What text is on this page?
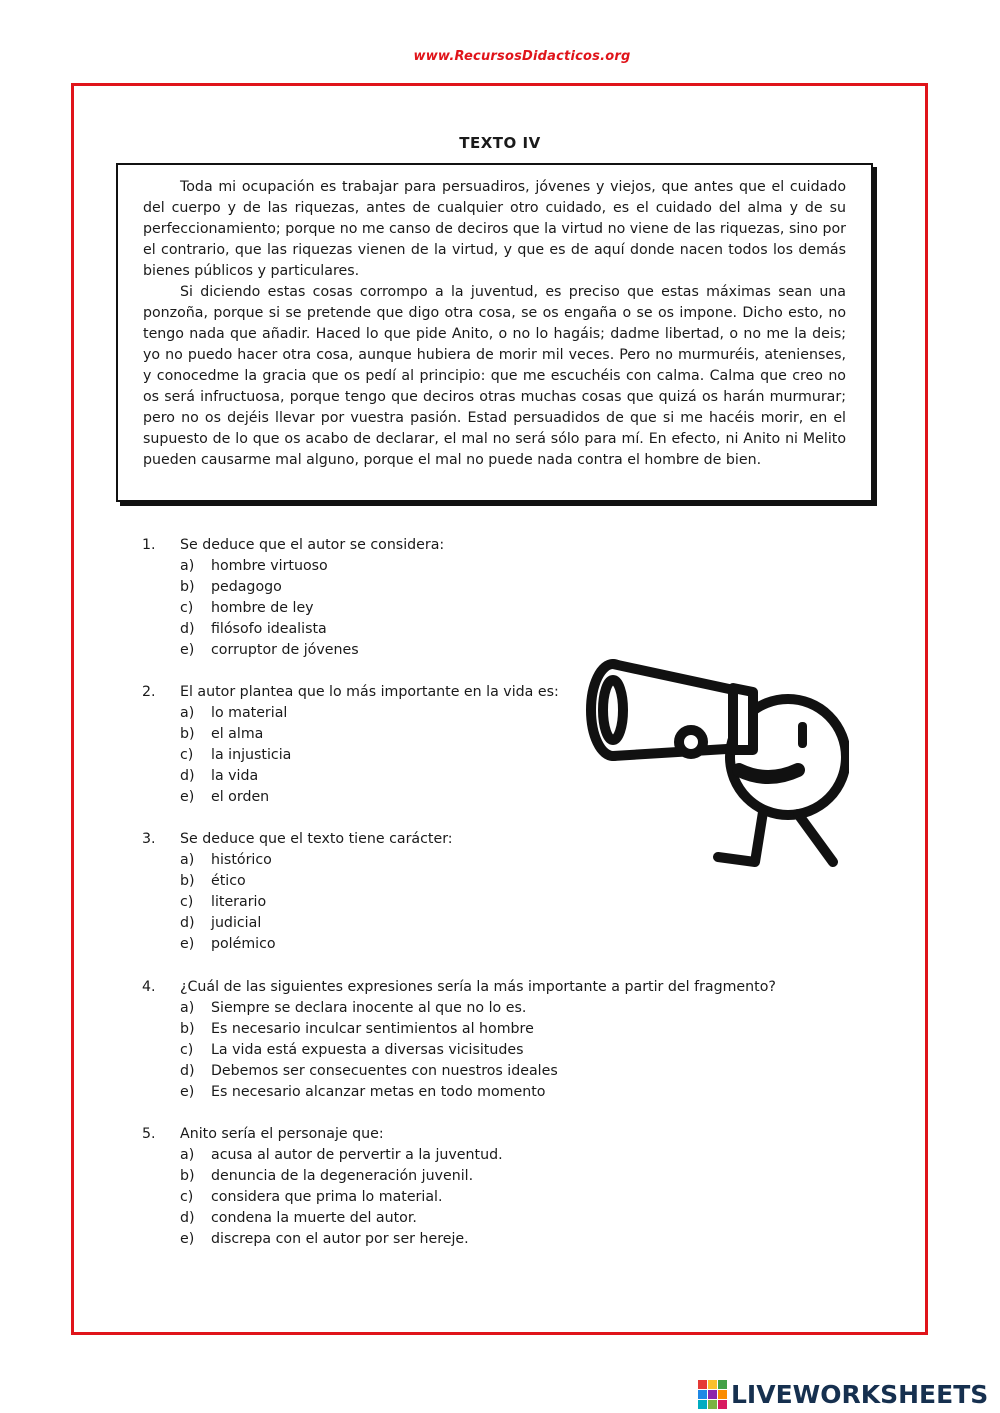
www.RecursosDidacticos.org
TEXTO IV

Toda mi ocupación es trabajar para persuadiros, jóvenes y viejos, que antes que el cuidado del cuerpo y de las riquezas, antes de cualquier otro cuidado, es el cuidado del alma y de su perfeccionamiento; porque no me canso de deciros que la virtud no viene de las riquezas, sino por el contrario, que las riquezas vienen de la virtud, y que es de aquí donde nacen todos los demás bienes públicos y particulares.

Si diciendo estas cosas corrompo a la juventud, es preciso que estas máximas sean una ponzoña, porque si se pretende que digo otra cosa, se os engaña o se os impone. Dicho esto, no tengo nada que añadir. Haced lo que pide Anito, o no lo hagáis; dadme libertad, o no me la deis; yo no puedo hacer otra cosa, aunque hubiera de morir mil veces. Pero no murmuréis, atenienses, y conocedme la gracia que os pedí al principio: que me escuchéis con calma. Calma que creo no os será infructuosa, porque tengo que deciros otras muchas cosas que quizá os harán murmurar; pero no os dejéis llevar por vuestra pasión. Estad persuadidos de que si me hacéis morir, en el supuesto de lo que os acabo de declarar, el mal no será sólo para mí. En efecto, ni Anito ni Melito pueden causarme mal alguno, porque el mal no puede nada contra el hombre de bien.

1. Se deduce que el autor se considera:
a) hombre virtuoso
b) pedagogo
c) hombre de ley
d) filósofo idealista
e) corruptor de jóvenes
2. El autor plantea que lo más importante en la vida es:
a) lo material
b) el alma
c) la injusticia
d) la vida
e) el orden
3. Se deduce que el texto tiene carácter:
a) histórico
b) ético
c) literario
d) judicial
e) polémico
4. ¿Cuál de las siguientes expresiones sería la más importante a partir del fragmento?
a) Siempre se declara inocente al que no lo es.
b) Es necesario inculcar sentimientos al hombre
c) La vida está expuesta a diversas vicisitudes
d) Debemos ser consecuentes con nuestros ideales
e) Es necesario alcanzar metas en todo momento
5. Anito sería el personaje que:
a) acusa al autor de pervertir a la juventud.
b) denuncia de la degeneración juvenil.
c) considera que prima lo material.
d) condena la muerte del autor.
e) discrepa con el autor por ser hereje.
LIVEWORKSHEETS
